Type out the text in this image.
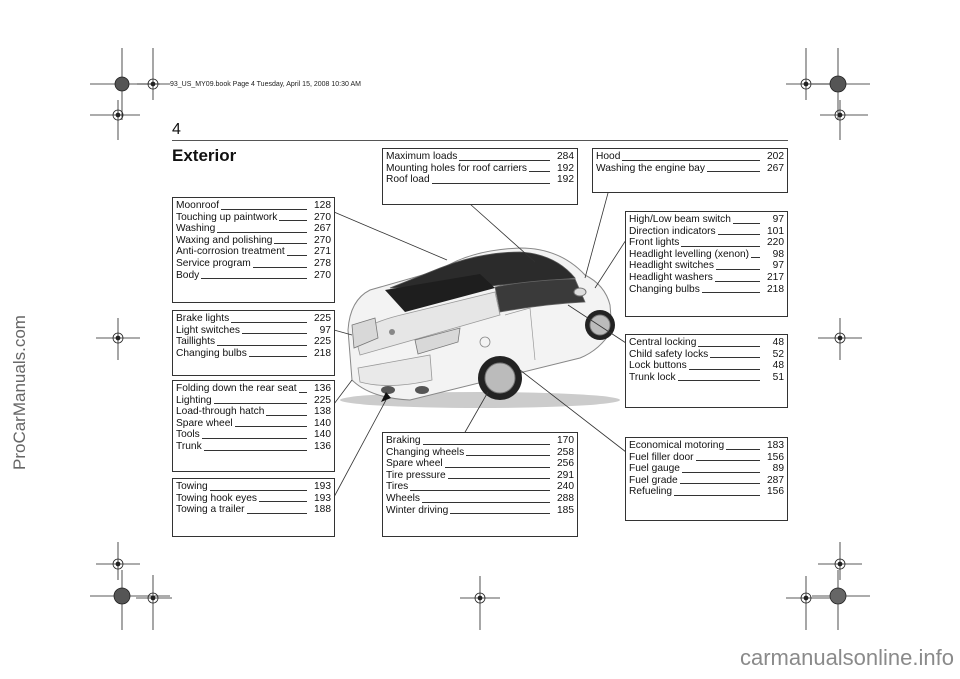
93_US_MY09.book Page 4 Tuesday, April 15, 2008 10:30 AM
4
Exterior
Moonroof	128
Touching up paintwork	270
Washing	267
Waxing and polishing	270
Anti-corrosion treatment	271
Service program	278
Body	270
Brake lights	225
Light switches	97
Taillights	225
Changing bulbs	218
Folding down the rear seat	136
Lighting	225
Load-through hatch	138
Spare wheel	140
Tools	140
Trunk	136
Towing	193
Towing hook eyes	193
Towing a trailer	188
Maximum loads	284
Mounting holes for roof carriers	192
Roof load	192
Hood	202
Washing the engine bay	267
High/Low beam switch	97
Direction indicators	101
Front lights	220
Headlight levelling (xenon)	98
Headlight switches	97
Headlight washers	217
Changing bulbs	218
Central locking	48
Child safety locks	52
Lock buttons	48
Trunk lock	51
Braking	170
Changing wheels	258
Spare wheel	256
Tire pressure	291
Tires	240
Wheels	288
Winter driving	185
Economical motoring	183
Fuel filler door	156
Fuel gauge	89
Fuel grade	287
Refueling	156
ProCarManuals.com
carmanualsonline.info
